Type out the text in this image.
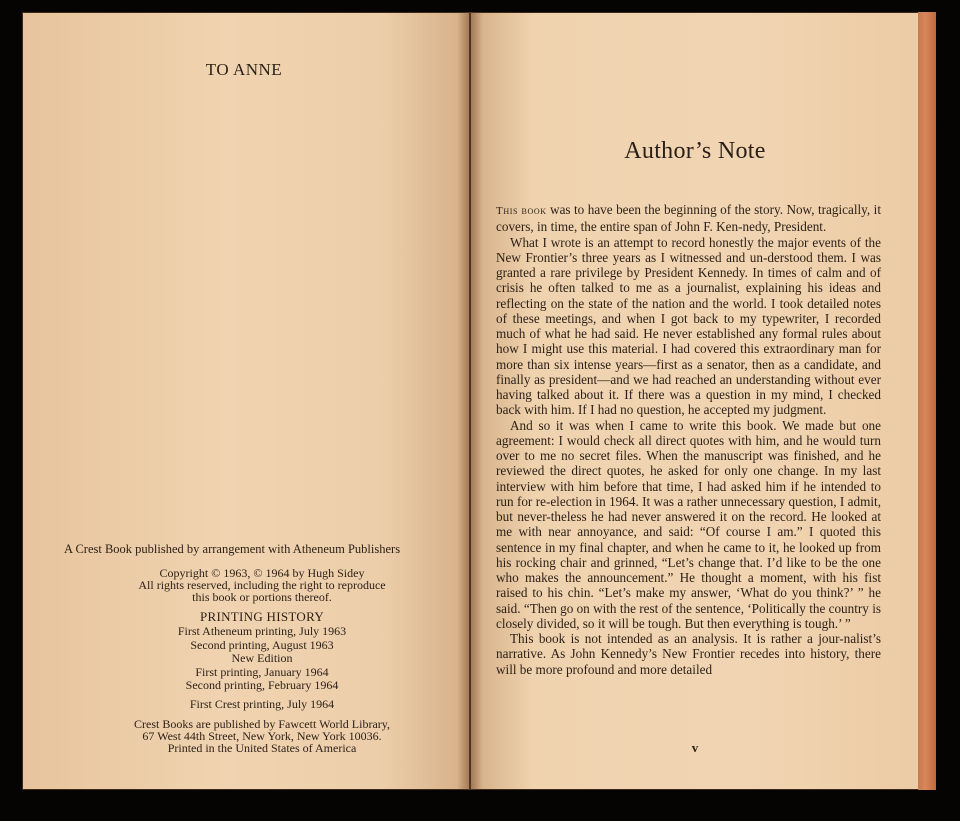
TO ANNE
A Crest Book published by arrangement with Atheneum Publishers
Copyright © 1963, © 1964 by Hugh Sidey
All rights reserved, including the right to reproduce
this book or portions thereof.
PRINTING HISTORY
First Atheneum printing, July 1963
Second printing, August 1963
New Edition
First printing, January 1964
Second printing, February 1964
First Crest printing, July 1964
Crest Books are published by Fawcett World Library,
67 West 44th Street, New York, New York 10036.
Printed in the United States of America
Author’s Note

This book was to have been the beginning of the story. Now, tragically, it covers, in time, the entire span of John F. Ken-nedy, President.

What I wrote is an attempt to record honestly the major events of the New Frontier’s three years as I witnessed and un-derstood them. I was granted a rare privilege by President Kennedy. In times of calm and of crisis he often talked to me as a journalist, explaining his ideas and reflecting on the state of the nation and the world. I took detailed notes of these meetings, and when I got back to my typewriter, I recorded much of what he had said. He never established any formal rules about how I might use this material. I had covered this extraordinary man for more than six intense years—first as a senator, then as a candidate, and finally as president—and we had reached an understanding without ever having talked about it. If there was a question in my mind, I checked back with him. If I had no question, he accepted my judgment.

And so it was when I came to write this book. We made but one agreement: I would check all direct quotes with him, and he would turn over to me no secret files. When the manuscript was finished, and he reviewed the direct quotes, he asked for only one change. In my last interview with him before that time, I had asked him if he intended to run for re-election in 1964. It was a rather unnecessary question, I admit, but never-theless he had never answered it on the record. He looked at me with near annoyance, and said: “Of course I am.” I quoted this sentence in my final chapter, and when he came to it, he looked up from his rocking chair and grinned, “Let’s change that. I’d like to be the one who makes the announcement.” He thought a moment, with his fist raised to his chin. “Let’s make my answer, ‘What do you think?’ ” he said. “Then go on with the rest of the sentence, ‘Politically the country is closely divided, so it will be tough. But then everything is tough.’ ”

This book is not intended as an analysis. It is rather a jour-nalist’s narrative. As John Kennedy’s New Frontier recedes into history, there will be more profound and more detailed

v
